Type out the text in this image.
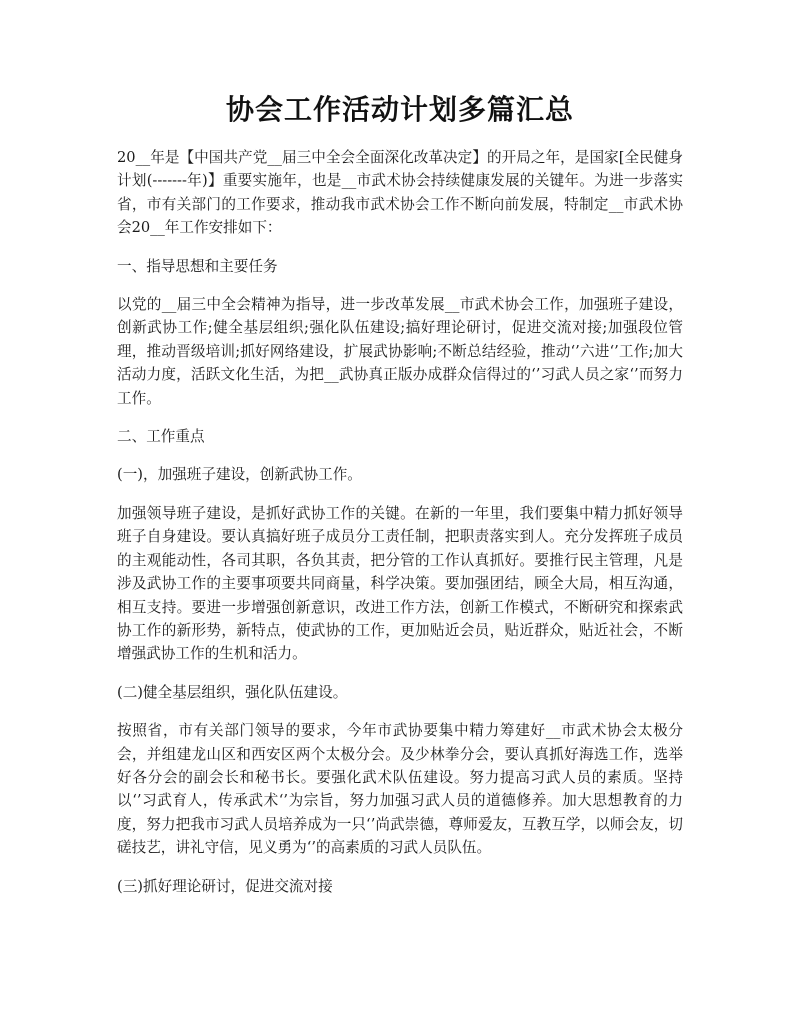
协会工作活动计划多篇汇总

20__年是【中国共产党__届三中全会全面深化改革决定】的开局之年，是国家[全民健身计划(-------年)】重要实施年，也是__市武术协会持续健康发展的关键年。为进一步落实省，市有关部门的工作要求，推动我市武术协会工作不断向前发展，特制定__市武术协会20__年工作安排如下：

一、指导思想和主要任务

以党的__届三中全会精神为指导，进一步改革发展__市武术协会工作，加强班子建设，创新武协工作;健全基层组织;强化队伍建设;搞好理论研讨，促进交流对接;加强段位管理，推动晋级培训;抓好网络建设，扩展武协影响;不断总结经验，推动‘’六进‘’工作;加大活动力度，活跃文化生活，为把__武协真正版办成群众信得过的‘’习武人员之家‘’而努力工作。

二、工作重点

(一)，加强班子建设，创新武协工作。

加强领导班子建设，是抓好武协工作的关键。在新的一年里，我们要集中精力抓好领导班子自身建设。要认真搞好班子成员分工责任制，把职责落实到人。充分发挥班子成员的主观能动性，各司其职，各负其责，把分管的工作认真抓好。要推行民主管理，凡是涉及武协工作的主要事项要共同商量，科学决策。要加强团结，顾全大局，相互沟通，相互支持。要进一步增强创新意识，改进工作方法，创新工作模式，不断研究和探索武协工作的新形势，新特点，使武协的工作，更加贴近会员，贴近群众，贴近社会，不断增强武协工作的生机和活力。

(二)健全基层组织，强化队伍建设。

按照省，市有关部门领导的要求，今年市武协要集中精力筹建好__市武术协会太极分会，并组建龙山区和西安区两个太极分会。及少林拳分会，要认真抓好海选工作，选举好各分会的副会长和秘书长。要强化武术队伍建设。努力提高习武人员的素质。坚持以‘’习武育人，传承武术‘’为宗旨，努力加强习武人员的道德修养。加大思想教育的力度，努力把我市习武人员培养成为一只‘’尚武崇德，尊师爱友，互教互学，以师会友，切磋技艺，讲礼守信，见义勇为‘’的高素质的习武人员队伍。

(三)抓好理论研讨，促进交流对接
